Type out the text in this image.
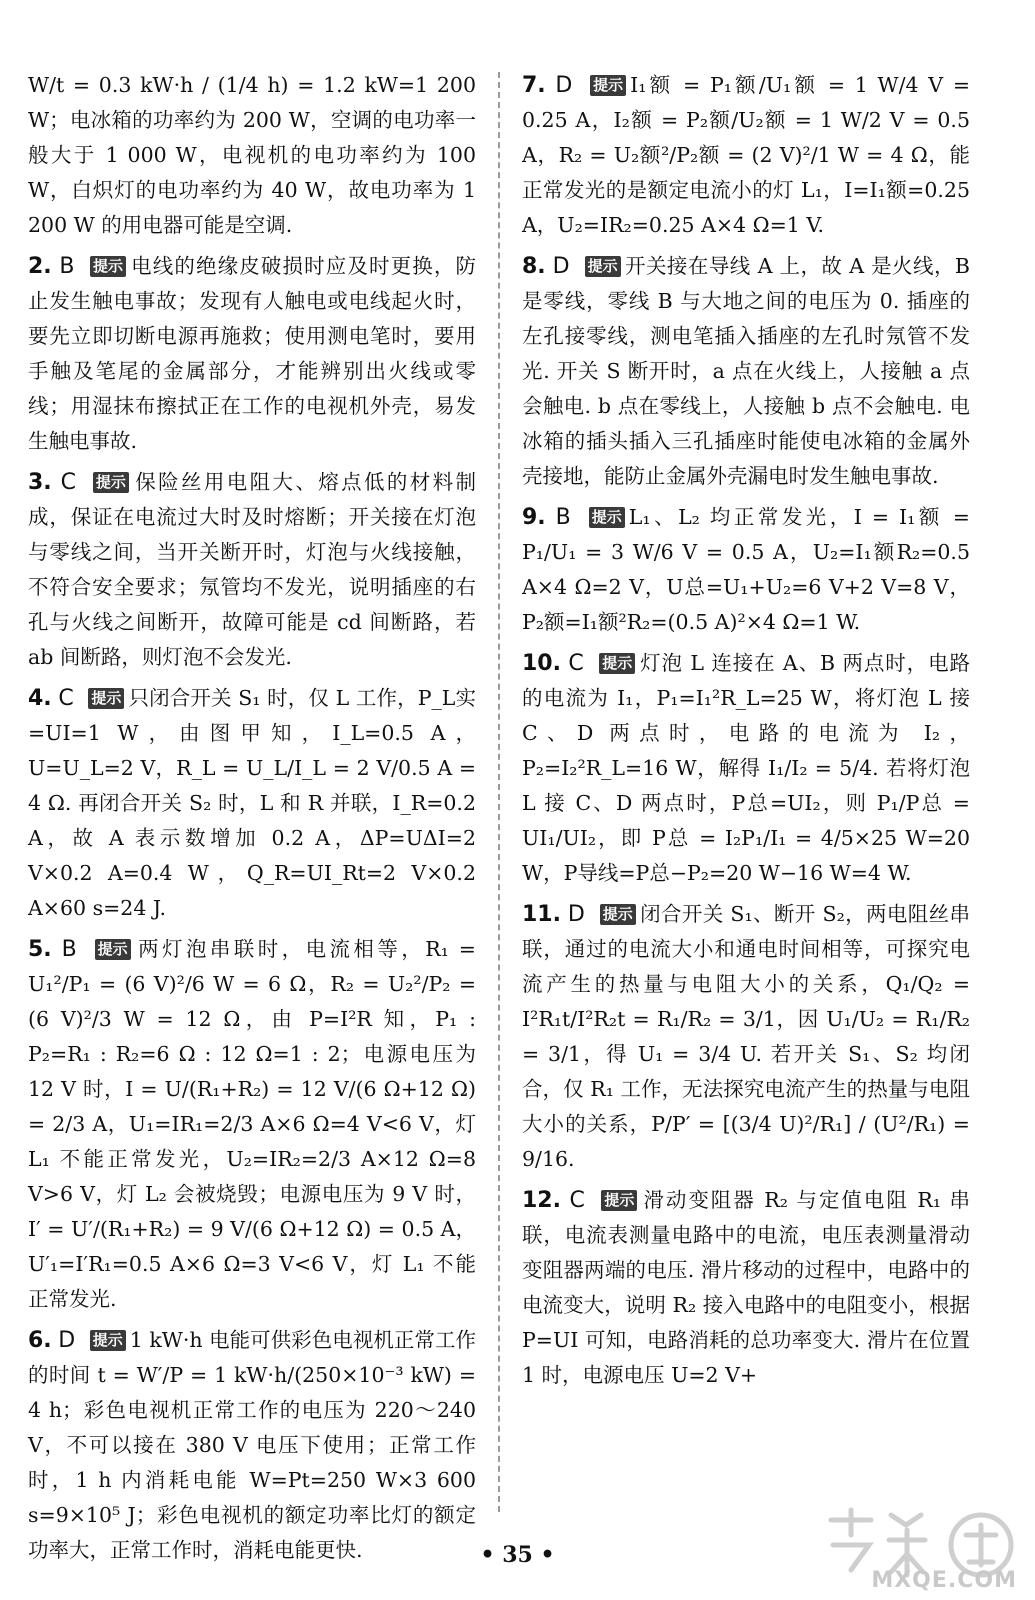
W/t = 0.3 kW·h / (1/4 h) = 1.2 kW=1 200 W；电冰箱的功率约为 200 W，空调的电功率一般大于 1 000 W，电视机的电功率约为 100 W，白炽灯的电功率约为 40 W，故电功率为 1 200 W 的用电器可能是空调.
2. B 提示 电线的绝缘皮破损时应及时更换，防止发生触电事故；发现有人触电或电线起火时，要先立即切断电源再施救；使用测电笔时，要用手触及笔尾的金属部分，才能辨别出火线或零线；用湿抹布擦拭正在工作的电视机外壳，易发生触电事故.
3. C 提示 保险丝用电阻大、熔点低的材料制成，保证在电流过大时及时熔断；开关接在灯泡与零线之间，当开关断开时，灯泡与火线接触，不符合安全要求；氖管均不发光，说明插座的右孔与火线之间断开，故障可能是 cd 间断路，若 ab 间断路，则灯泡不会发光.
4. C 提示 只闭合开关 S₁ 时，仅 L 工作，P_L实=UI=1 W，由图甲知，I_L=0.5 A，U=U_L=2 V，R_L = U_L/I_L = 2 V/0.5 A = 4 Ω. 再闭合开关 S₂ 时，L 和 R 并联，I_R=0.2 A，故 A 表示数增加 0.2 A，ΔP=UΔI=2 V×0.2 A=0.4 W，Q_R=UI_Rt=2 V×0.2 A×60 s=24 J.
5. B 提示 两灯泡串联时，电流相等，R₁ = U₁²/P₁ = (6 V)²/6 W = 6 Ω，R₂ = U₂²/P₂ = (6 V)²/3 W = 12 Ω，由 P=I²R 知，P₁ : P₂=R₁ : R₂=6 Ω : 12 Ω=1 : 2；电源电压为 12 V 时，I = U/(R₁+R₂) = 12 V/(6 Ω+12 Ω) = 2/3 A，U₁=IR₁=2/3 A×6 Ω=4 V<6 V，灯 L₁ 不能正常发光，U₂=IR₂=2/3 A×12 Ω=8 V>6 V，灯 L₂ 会被烧毁；电源电压为 9 V 时，I′ = U′/(R₁+R₂) = 9 V/(6 Ω+12 Ω) = 0.5 A，U′₁=I′R₁=0.5 A×6 Ω=3 V<6 V，灯 L₁ 不能正常发光.
6. D 提示 1 kW·h 电能可供彩色电视机正常工作的时间 t = W′/P = 1 kW·h/(250×10⁻³ kW) = 4 h；彩色电视机正常工作的电压为 220～240 V，不可以接在 380 V 电压下使用；正常工作时，1 h 内消耗电能 W=Pt=250 W×3 600 s=9×10⁵ J；彩色电视机的额定功率比灯的额定功率大，正常工作时，消耗电能更快.
7. D 提示 I₁额 = P₁额/U₁额 = 1 W/4 V = 0.25 A，I₂额 = P₂额/U₂额 = 1 W/2 V = 0.5 A，R₂ = U₂额²/P₂额 = (2 V)²/1 W = 4 Ω，能正常发光的是额定电流小的灯 L₁，I=I₁额=0.25 A，U₂=IR₂=0.25 A×4 Ω=1 V.
8. D 提示 开关接在导线 A 上，故 A 是火线，B 是零线，零线 B 与大地之间的电压为 0. 插座的左孔接零线，测电笔插入插座的左孔时氖管不发光. 开关 S 断开时，a 点在火线上，人接触 a 点会触电. b 点在零线上，人接触 b 点不会触电. 电冰箱的插头插入三孔插座时能使电冰箱的金属外壳接地，能防止金属外壳漏电时发生触电事故.
9. B 提示 L₁、L₂ 均正常发光，I = I₁额 = P₁/U₁ = 3 W/6 V = 0.5 A，U₂=I₁额R₂=0.5 A×4 Ω=2 V，U总=U₁+U₂=6 V+2 V=8 V，P₂额=I₁额²R₂=(0.5 A)²×4 Ω=1 W.
10. C 提示 灯泡 L 连接在 A、B 两点时，电路的电流为 I₁，P₁=I₁²R_L=25 W，将灯泡 L 接 C、D 两点时，电路的电流为 I₂，P₂=I₂²R_L=16 W，解得 I₁/I₂ = 5/4. 若将灯泡 L 接 C、D 两点时，P总=UI₂，则 P₁/P总 = UI₁/UI₂，即 P总 = I₂P₁/I₁ = 4/5×25 W=20 W，P导线=P总−P₂=20 W−16 W=4 W.
11. D 提示 闭合开关 S₁、断开 S₂，两电阻丝串联，通过的电流大小和通电时间相等，可探究电流产生的热量与电阻大小的关系，Q₁/Q₂ = I²R₁t/I²R₂t = R₁/R₂ = 3/1，因 U₁/U₂ = R₁/R₂ = 3/1，得 U₁ = 3/4 U. 若开关 S₁、S₂ 均闭合，仅 R₁ 工作，无法探究电流产生的热量与电阻大小的关系，P/P′ = [(3/4 U)²/R₁] / (U²/R₁) = 9/16.
12. C 提示 滑动变阻器 R₂ 与定值电阻 R₁ 串联，电流表测量电路中的电流，电压表测量滑动变阻器两端的电压. 滑片移动的过程中，电路中的电流变大，说明 R₂ 接入电路中的电阻变小，根据 P=UI 可知，电路消耗的总功率变大. 滑片在位置 1 时，电源电压 U=2 V+
• 35 •
MXQE.COM
